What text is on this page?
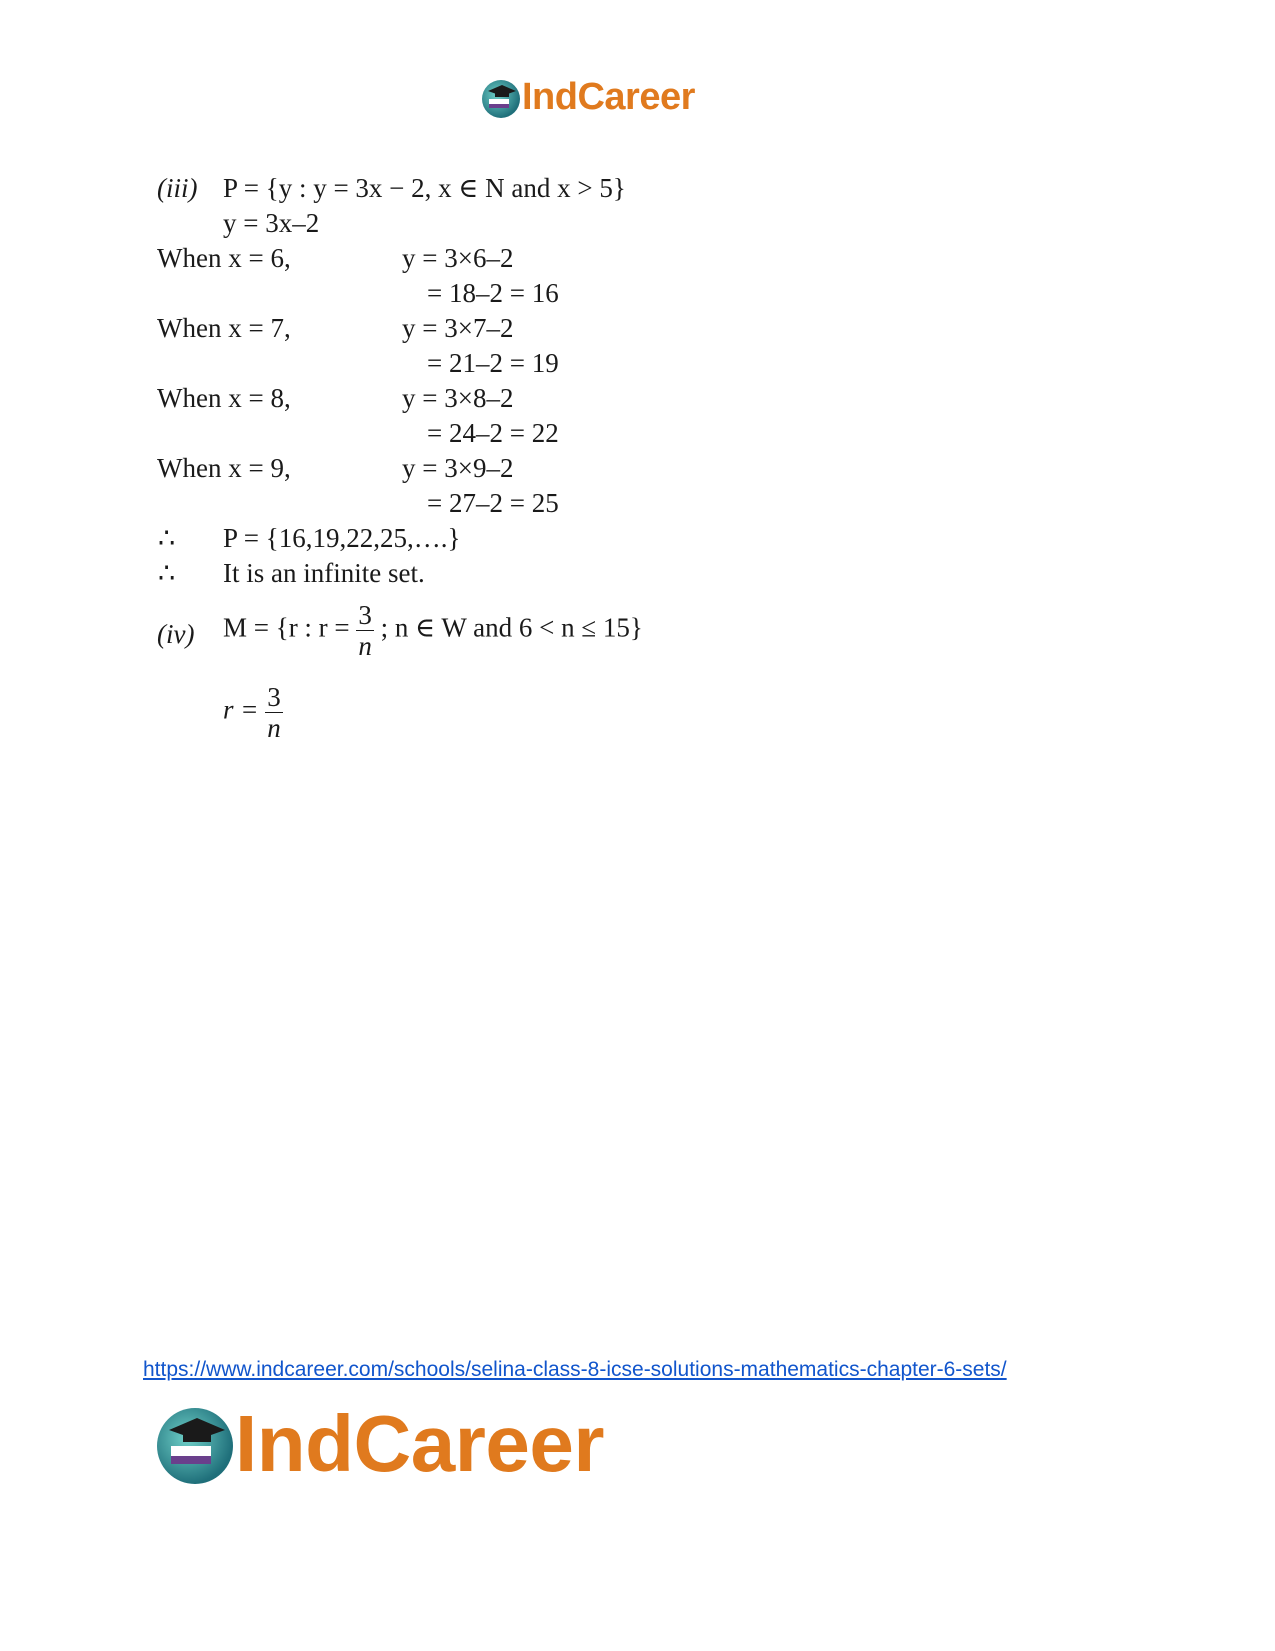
IndCareer
(iii) P = {y : y = 3x − 2, x ∈ N and x > 5}
y = 3x–2
When x = 6,	y = 3×6–2
= 18–2 = 16
When x = 7,	y = 3×7–2
= 21–2 = 19
When x = 8,	y = 3×8–2
= 24–2 = 22
When x = 9,	y = 3×9–2
= 27–2 = 25
∴ P = {16,19,22,25,….}
∴ It is an infinite set.
(iv) M = {r : $r = \frac{3}{n}$ ; n ∈ W and 6 < n ≤ 15}
$r = \frac{3}{n}$
https://www.indcareer.com/schools/selina-class-8-icse-solutions-mathematics-chapter-6-sets/
IndCareer
